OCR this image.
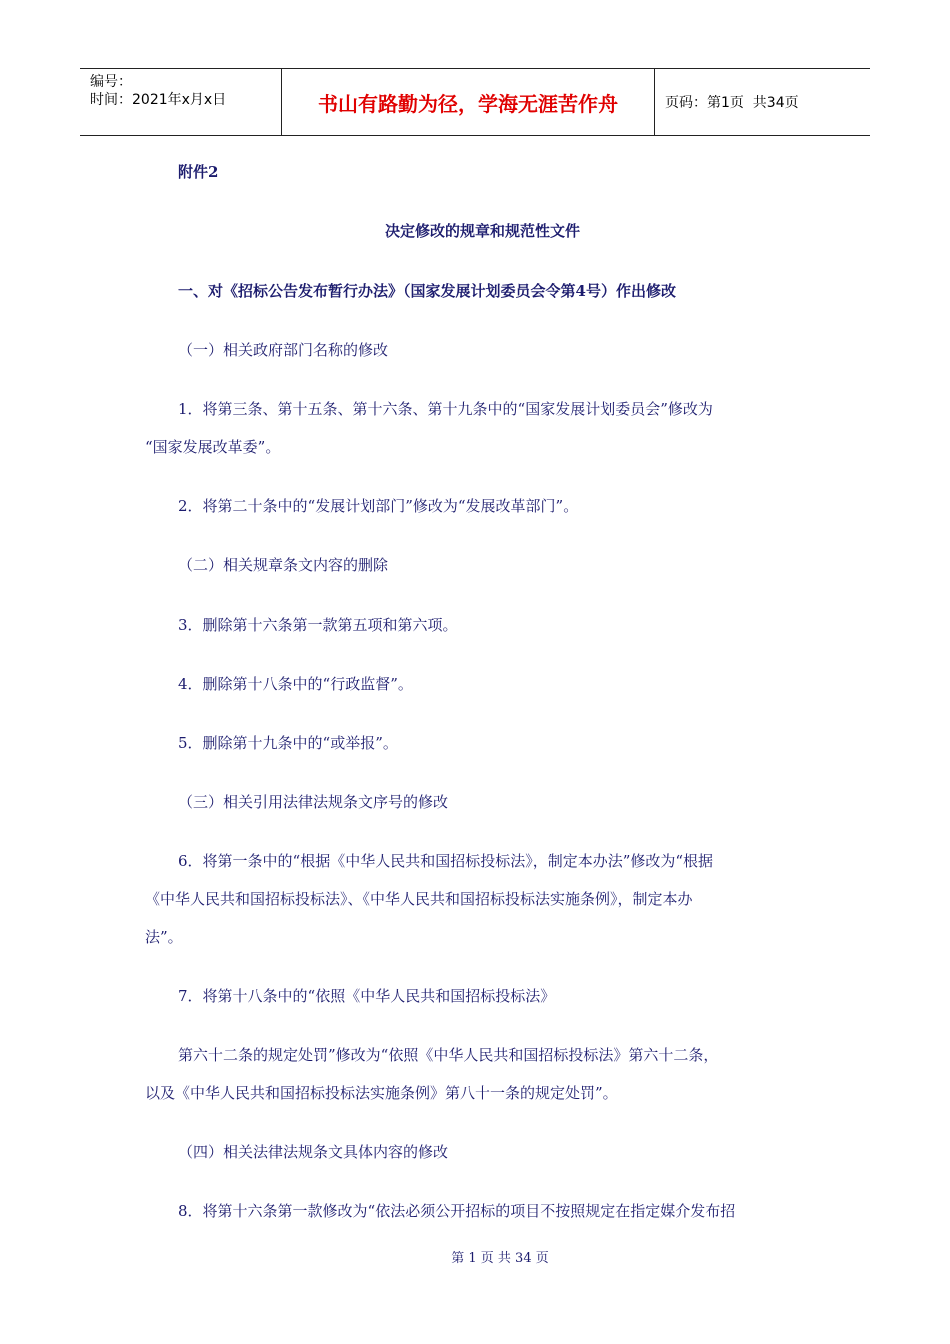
编号：
时间：2021年x月x日	书山有路勤为径，学海无涯苦作舟	页码：第1页  共34页
附件2
决定修改的规章和规范性文件
一、对《招标公告发布暂行办法》（国家发展计划委员会令第4号）作出修改
（一）相关政府部门名称的修改
1．将第三条、第十五条、第十六条、第十九条中的“国家发展计划委员会”修改为
“国家发展改革委”。
2．将第二十条中的“发展计划部门”修改为“发展改革部门”。
（二）相关规章条文内容的删除
3．删除第十六条第一款第五项和第六项。
4．删除第十八条中的“行政监督”。
5．删除第十九条中的“或举报”。
（三）相关引用法律法规条文序号的修改
6．将第一条中的“根据《中华人民共和国招标投标法》，制定本办法”修改为“根据
《中华人民共和国招标投标法》、《中华人民共和国招标投标法实施条例》，制定本办
法”。
7．将第十八条中的“依照《中华人民共和国招标投标法》
第六十二条的规定处罚”修改为“依照《中华人民共和国招标投标法》第六十二条，
以及《中华人民共和国招标投标法实施条例》第八十一条的规定处罚”。
（四）相关法律法规条文具体内容的修改
8．将第十六条第一款修改为“依法必须公开招标的项目不按照规定在指定媒介发布招
第 1 页 共 34 页
